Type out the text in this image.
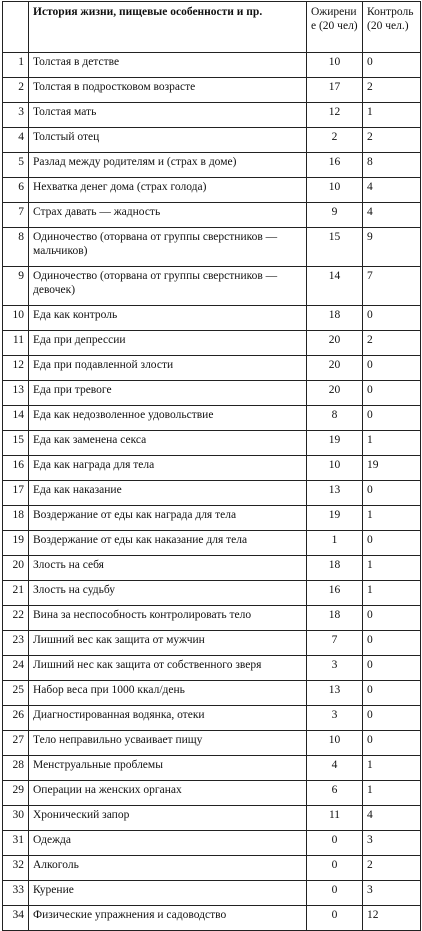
	История жизни, пищевые особенности и пр.	Ожирени е (20 чел)	Контроль (20 чел.)
1	Толстая в детстве	10	0
2	Толстая в подростковом возрасте	17	2
3	Толстая мать	12	1
4	Толстый отец	2	2
5	Разлад между родителям и (страх в доме)	16	8
6	Нехватка денег дома (страх голода)	10	4
7	Страх давать — жадность	9	4
8	Одиночество (оторвана от группы сверстников — мальчиков)	15	9
9	Одиночество (оторвана от группы сверстников — девочек)	14	7
10	Еда как контроль	18	0
11	Еда при депрессии	20	2
12	Еда при подавленной злости	20	0
13	Еда при тревоге	20	0
14	Еда как недозволенное удовольствие	8	0
15	Еда как заменена секса	19	1
16	Еда как награда для тела	10	19
17	Еда как наказание	13	0
18	Воздержание от еды как награда для тела	19	1
19	Воздержание от еды как наказание для тела	1	0
20	Злость на себя	18	1
21	Злость на судьбу	16	1
22	Вина за неспособность контролировать тело	18	0
23	Лишний вес как защита от мужчин	7	0
24	Лишний нес как защита от собственного зверя	3	0
25	Набор веса при 1000 ккал/день	13	0
26	Диагностированная водянка, отеки	3	0
27	Тело неправильно усваивает пищу	10	0
28	Менструальные проблемы	4	1
29	Операции на женских органах	6	1
30	Хронический запор	11	4
31	Одежда	0	3
32	Алкоголь	0	2
33	Курение	0	3
34	Физические упражнения и садоводство	0	12
